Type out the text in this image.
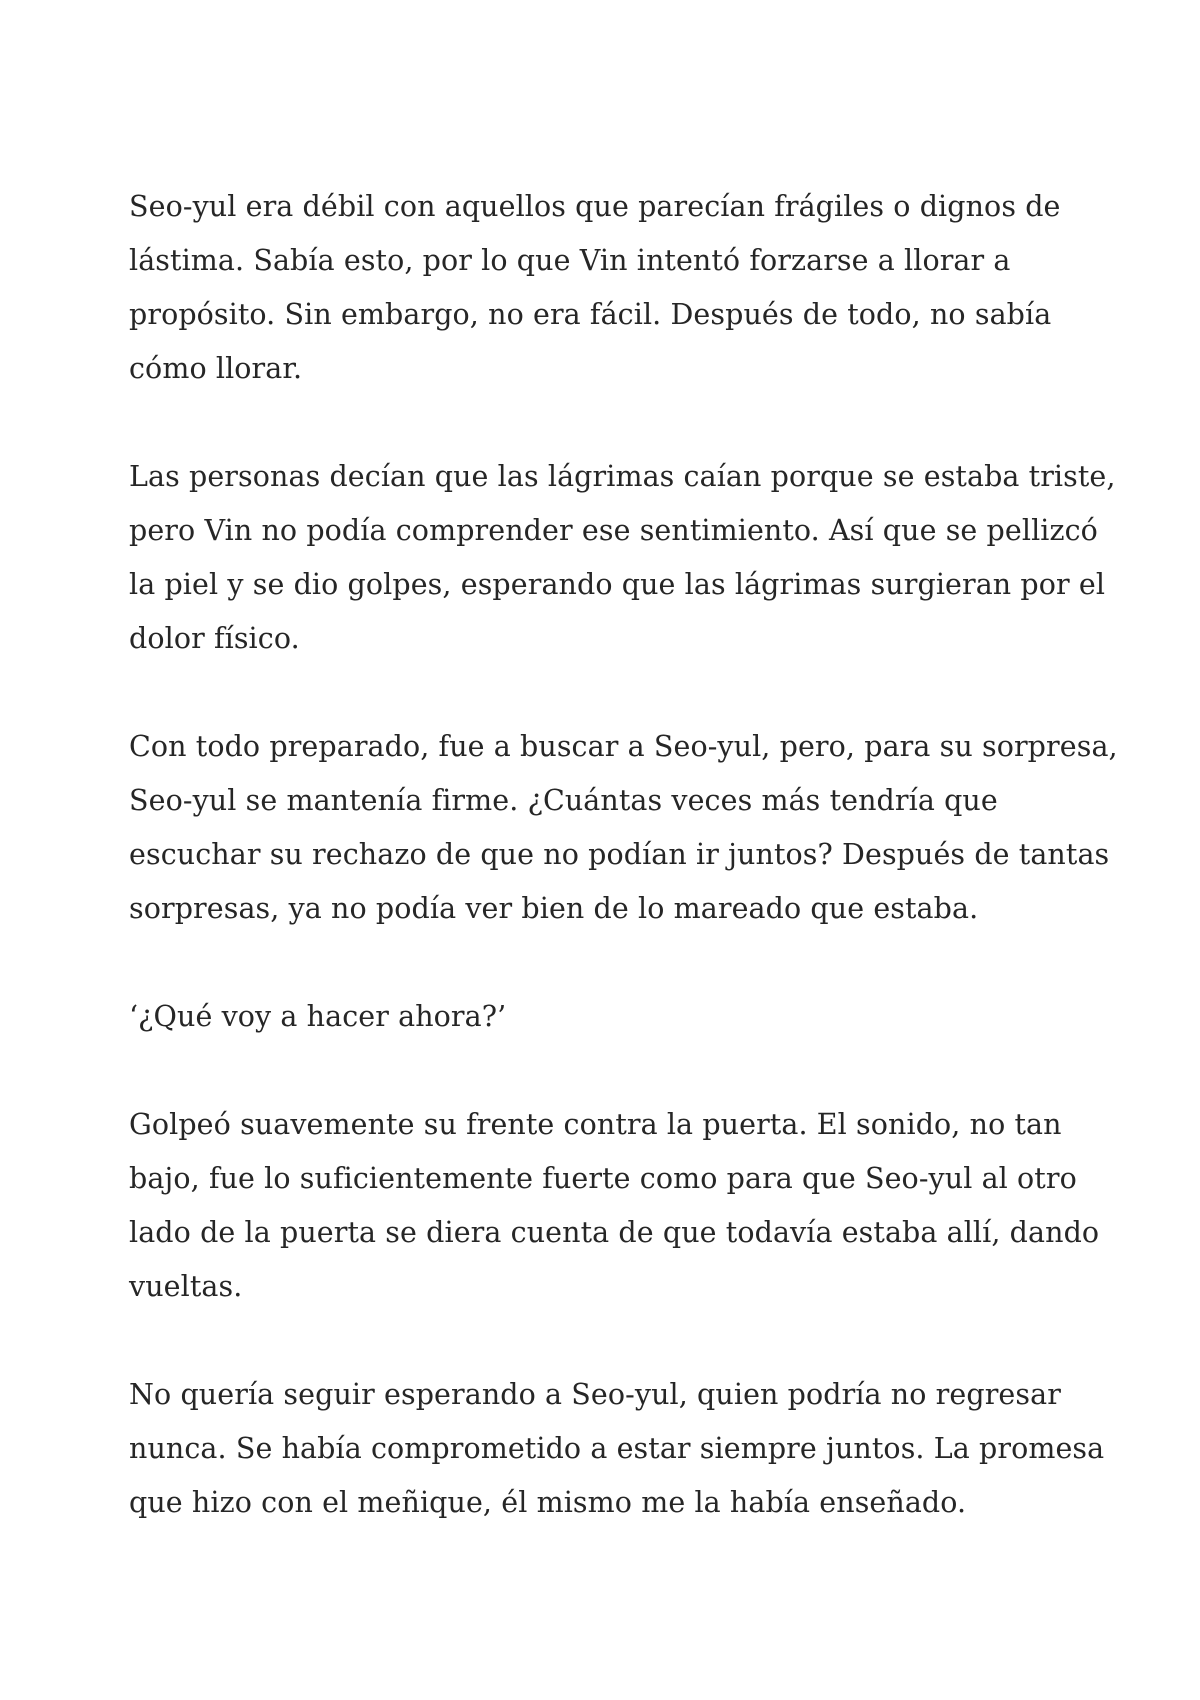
Seo-yul era débil con aquellos que parecían frágiles o dignos de
lástima. Sabía esto, por lo que Vin intentó forzarse a llorar a
propósito. Sin embargo, no era fácil. Después de todo, no sabía
cómo llorar.

Las personas decían que las lágrimas caían porque se estaba triste,
pero Vin no podía comprender ese sentimiento. Así que se pellizcó
la piel y se dio golpes, esperando que las lágrimas surgieran por el
dolor físico.

Con todo preparado, fue a buscar a Seo-yul, pero, para su sorpresa,
Seo-yul se mantenía firme. ¿Cuántas veces más tendría que
escuchar su rechazo de que no podían ir juntos? Después de tantas
sorpresas, ya no podía ver bien de lo mareado que estaba.

‘¿Qué voy a hacer ahora?’

Golpeó suavemente su frente contra la puerta. El sonido, no tan
bajo, fue lo suficientemente fuerte como para que Seo-yul al otro
lado de la puerta se diera cuenta de que todavía estaba allí, dando
vueltas.

No quería seguir esperando a Seo-yul, quien podría no regresar
nunca. Se había comprometido a estar siempre juntos. La promesa
que hizo con el meñique, él mismo me la había enseñado.
